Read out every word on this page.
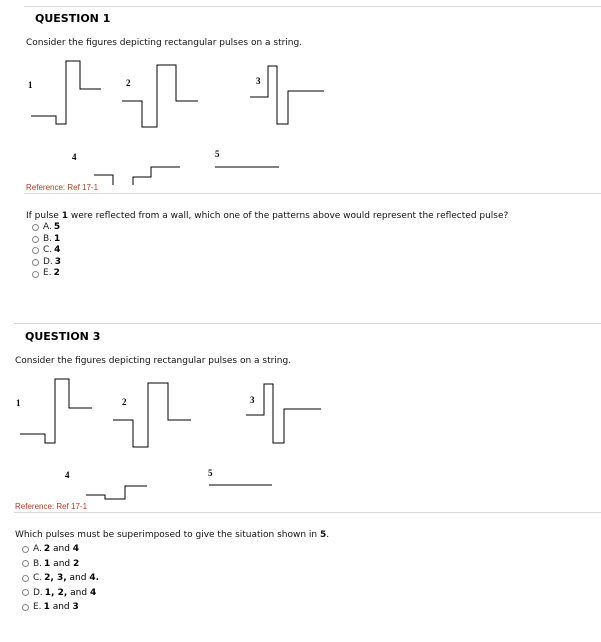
QUESTION 1
Consider the figures depicting rectangular pulses on a string.
1	2	3
4	5
Reference: Ref 17-1
If pulse 1 were reflected from a wall, which one of the patterns above would represent the reflected pulse?
A. 5
B. 1
C. 4
D. 3
E. 2
QUESTION 3
Consider the figures depicting rectangular pulses on a string.
1	2	3
4	5
Reference: Ref 17-1
Which pulses must be superimposed to give the situation shown in 5.
A. 2 and 4
B. 1 and 2
C. 2, 3, and 4.
D. 1, 2, and 4
E. 1 and 3
